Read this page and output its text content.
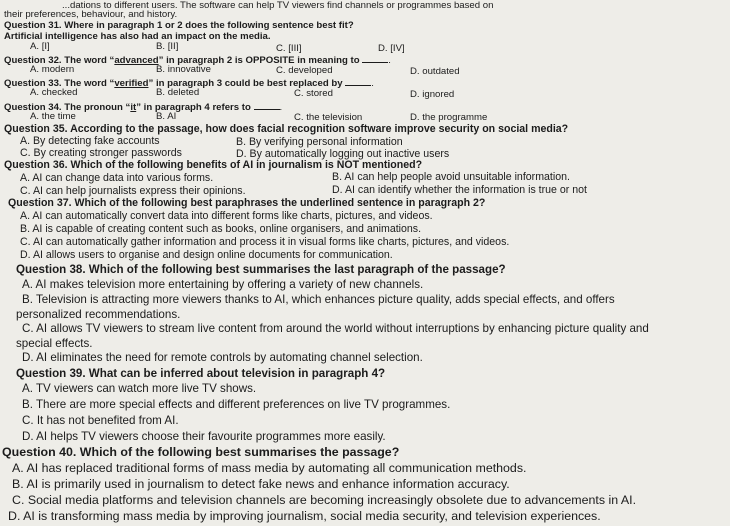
...dations to different users. The software can help TV viewers find channels or programmes based on
their preferences, behaviour, and history.
Question 31. Where in paragraph 1 or 2 does the following sentence best fit?
Artificial intelligence has also had an impact on the media.
A. [I]	B. [II]	C. [III]	D. [IV]
Question 32. The word “advanced” in paragraph 2 is OPPOSITE in meaning to	.
A. modern	B. innovative	C. developed	D. outdated
Question 33. The word “verified” in paragraph 3 could be best replaced by	.
A. checked	B. deleted	C. stored	D. ignored
Question 34. The pronoun “it” in paragraph 4 refers to	.
A. the time	B. AI	C. the television	D. the programme
Question 35. According to the passage, how does facial recognition software improve security on social media?
A. By detecting fake accounts	B. By verifying personal information
C. By creating stronger passwords	D. By automatically logging out inactive users
Question 36. Which of the following benefits of AI in journalism is NOT mentioned?
A. AI can change data into various forms.	B. AI can help people avoid unsuitable information.
C. AI can help journalists express their opinions.	D. AI can identify whether the information is true or not
Question 37. Which of the following best paraphrases the underlined sentence in paragraph 2?
A. AI can automatically convert data into different forms like charts, pictures, and videos.
B. AI is capable of creating content such as books, online organisers, and animations.
C. AI can automatically gather information and process it in visual forms like charts, pictures, and videos.
D. AI allows users to organise and design online documents for communication.
Question 38. Which of the following best summarises the last paragraph of the passage?
A. AI makes television more entertaining by offering a variety of new channels.
B. Television is attracting more viewers thanks to AI, which enhances picture quality, adds special effects, and offers
personalized recommendations.
C. AI allows TV viewers to stream live content from around the world without interruptions by enhancing picture quality and
special effects.
D. AI eliminates the need for remote controls by automating channel selection.
Question 39. What can be inferred about television in paragraph 4?
A. TV viewers can watch more live TV shows.
B. There are more special effects and different preferences on live TV programmes.
C. It has not benefited from AI.
D. AI helps TV viewers choose their favourite programmes more easily.
Question 40. Which of the following best summarises the passage?
A. AI has replaced traditional forms of mass media by automating all communication methods.
B. AI is primarily used in journalism to detect fake news and enhance information accuracy.
C. Social media platforms and television channels are becoming increasingly obsolete due to advancements in AI.
D. AI is transforming mass media by improving journalism, social media security, and television experiences.
